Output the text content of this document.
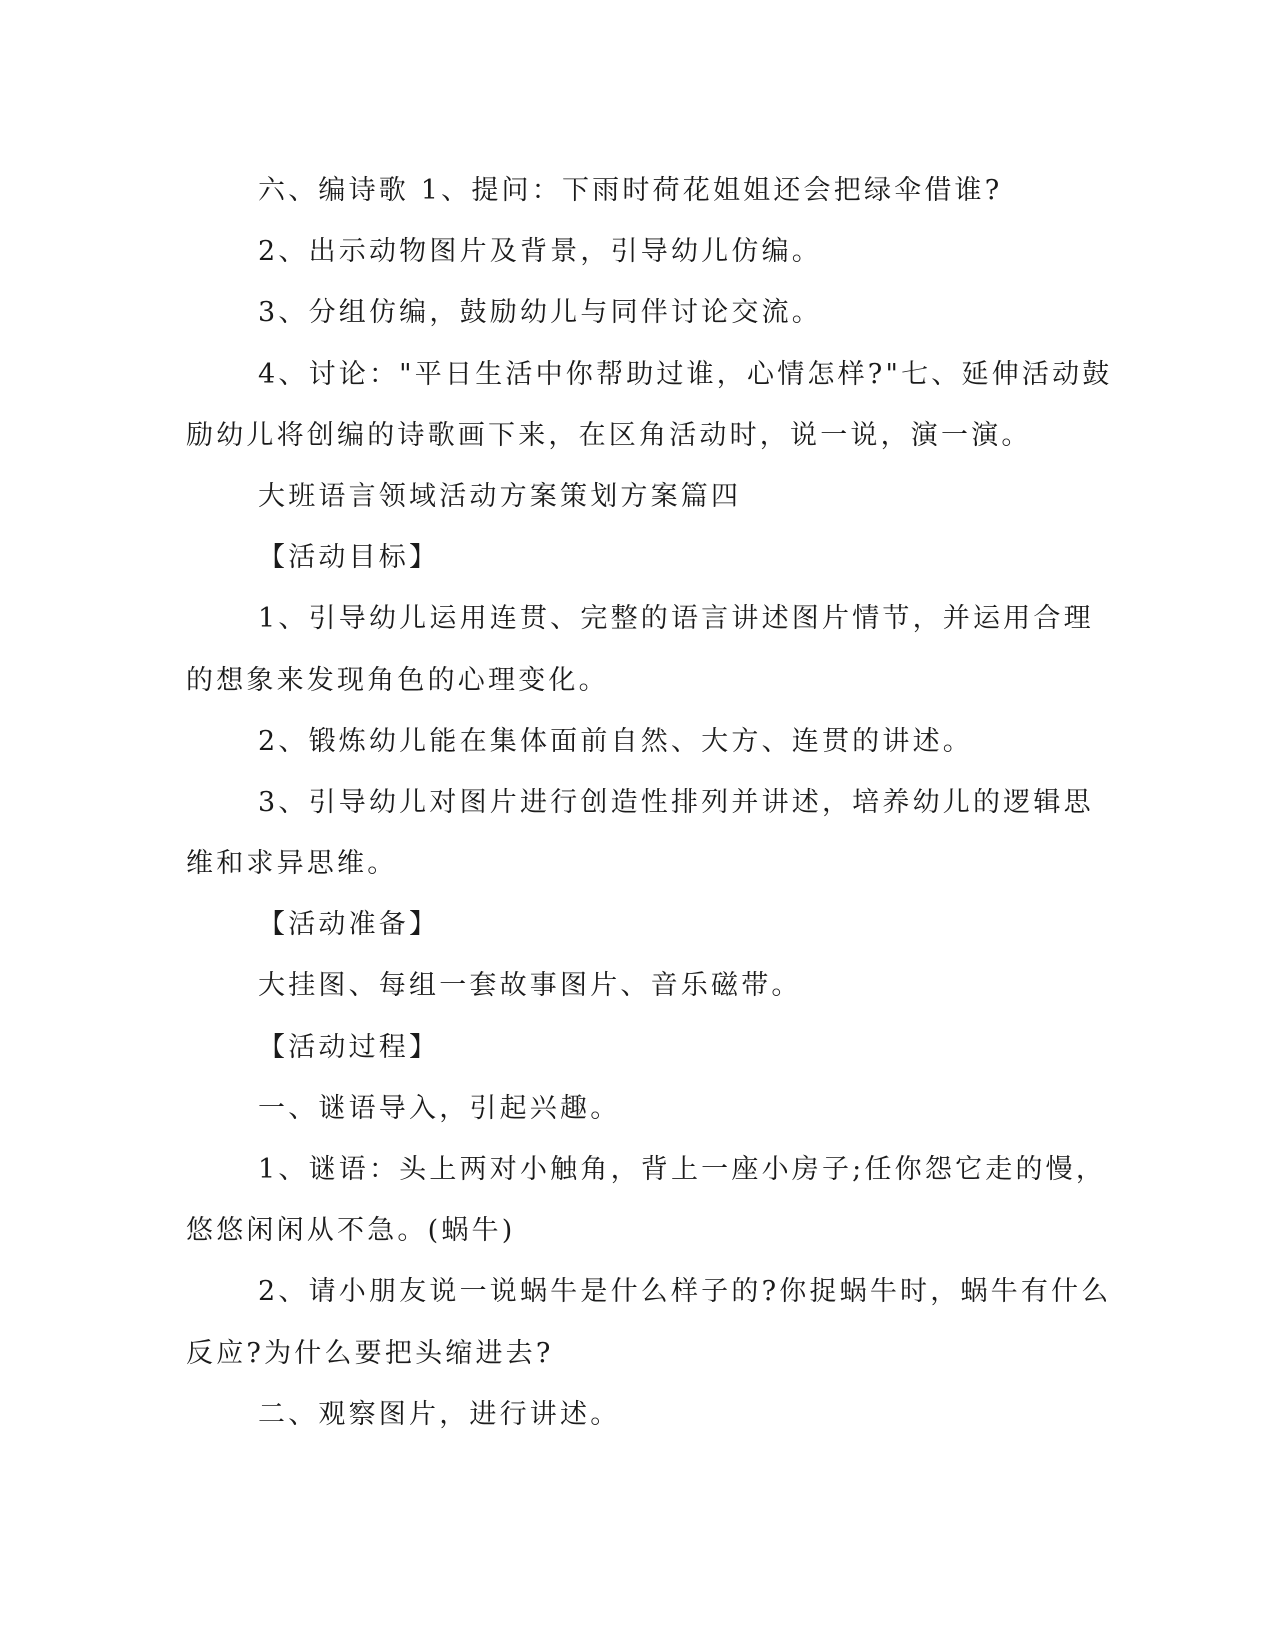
六、编诗歌 1、提问：下雨时荷花姐姐还会把绿伞借谁?
2、出示动物图片及背景，引导幼儿仿编。
3、分组仿编，鼓励幼儿与同伴讨论交流。
4、讨论："平日生活中你帮助过谁，心情怎样?"七、延伸活动鼓
励幼儿将创编的诗歌画下来，在区角活动时，说一说，演一演。
大班语言领域活动方案策划方案篇四
【活动目标】
1、引导幼儿运用连贯、完整的语言讲述图片情节，并运用合理
的想象来发现角色的心理变化。
2、锻炼幼儿能在集体面前自然、大方、连贯的讲述。
3、引导幼儿对图片进行创造性排列并讲述，培养幼儿的逻辑思
维和求异思维。
【活动准备】
大挂图、每组一套故事图片、音乐磁带。
【活动过程】
一、谜语导入，引起兴趣。
1、谜语：头上两对小触角，背上一座小房子;任你怨它走的慢，
悠悠闲闲从不急。(蜗牛)
2、请小朋友说一说蜗牛是什么样子的?你捉蜗牛时，蜗牛有什么
反应?为什么要把头缩进去?
二、观察图片，进行讲述。
